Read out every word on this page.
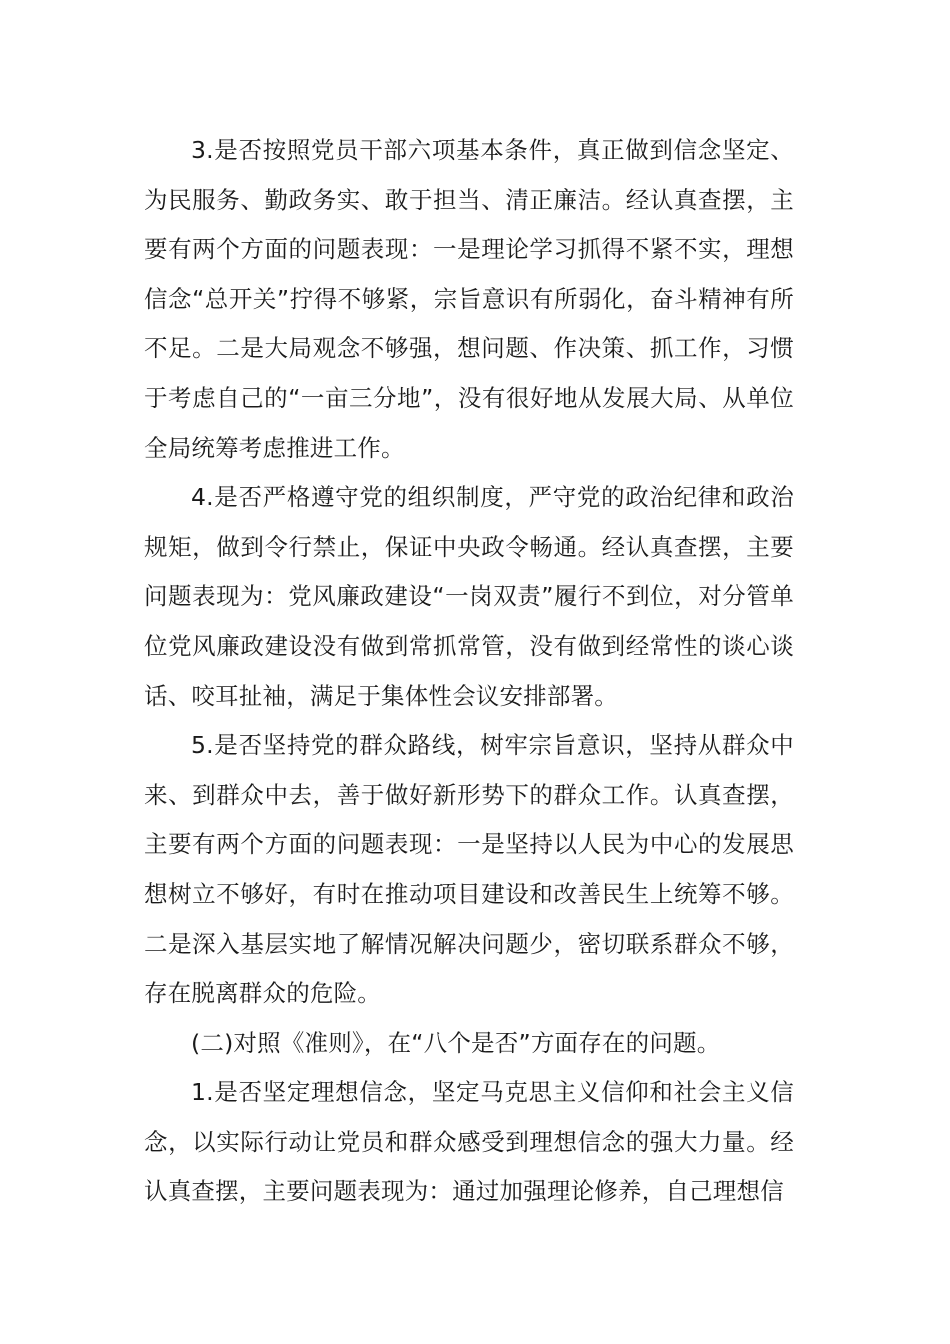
3.是否按照党员干部六项基本条件，真正做到信念坚定、为民服务、勤政务实、敢于担当、清正廉洁。经认真查摆，主要有两个方面的问题表现：一是理论学习抓得不紧不实，理想信念“总开关”拧得不够紧，宗旨意识有所弱化，奋斗精神有所不足。二是大局观念不够强，想问题、作决策、抓工作，习惯于考虑自己的“一亩三分地”，没有很好地从发展大局、从单位全局统筹考虑推进工作。

4.是否严格遵守党的组织制度，严守党的政治纪律和政治规矩，做到令行禁止，保证中央政令畅通。经认真查摆，主要问题表现为：党风廉政建设“一岗双责”履行不到位，对分管单位党风廉政建设没有做到常抓常管，没有做到经常性的谈心谈话、咬耳扯袖，满足于集体性会议安排部署。

5.是否坚持党的群众路线，树牢宗旨意识，坚持从群众中来、到群众中去，善于做好新形势下的群众工作。认真查摆，主要有两个方面的问题表现：一是坚持以人民为中心的发展思想树立不够好，有时在推动项目建设和改善民生上统筹不够。二是深入基层实地了解情况解决问题少，密切联系群众不够，存在脱离群众的危险。

(二)对照《准则》，在“八个是否”方面存在的问题。

1.是否坚定理想信念，坚定马克思主义信仰和社会主义信念，以实际行动让党员和群众感受到理想信念的强大力量。经认真查摆，主要问题表现为：通过加强理论修养，自己理想信
